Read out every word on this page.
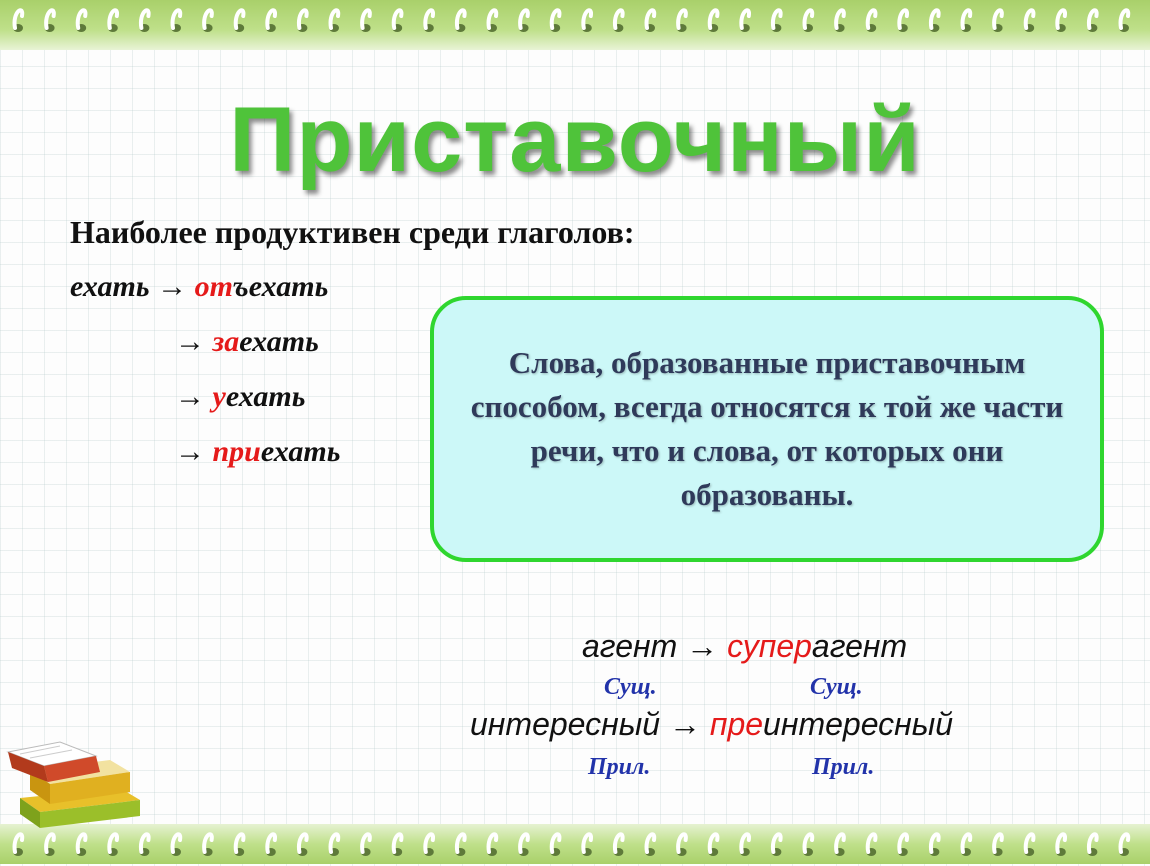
Приставочный
Наиболее продуктивен среди глаголов:
ехать → отъехать
→ заехать
→ уехать
→ приехать

Слова, образованные приставочным способом, всегда относятся к той же части речи, что и слова, от которых они образованы.

агент → суперагент
Сущ.	Сущ.
интересный → преинтересный
Прил.	Прил.
